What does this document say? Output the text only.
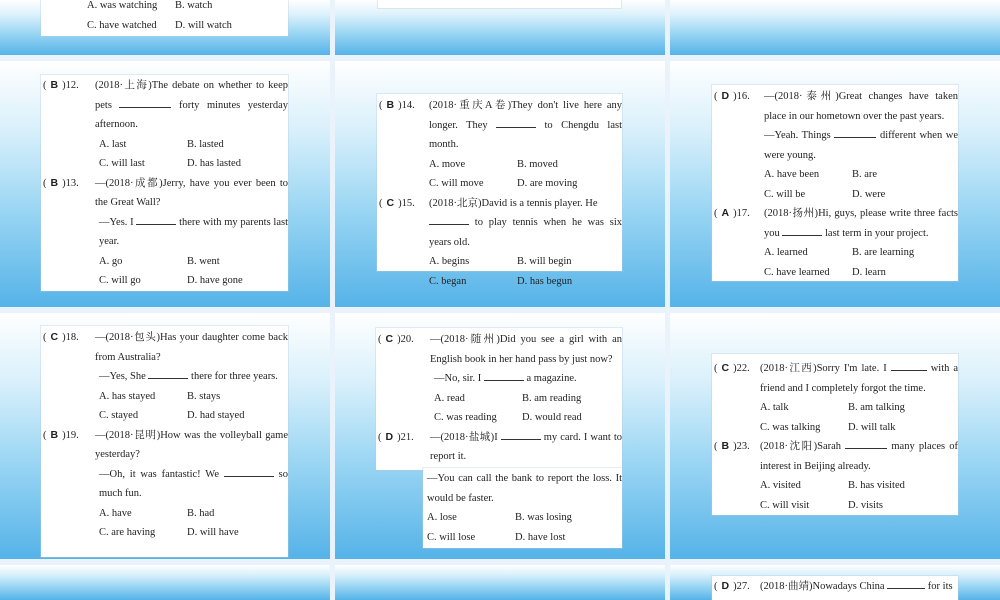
A. was watching	B. watch
C. have watched	D. will watch
( B )12. (2018·上海)The debate on whether to keep pets	forty minutes yesterday afternoon.
A. last	B. lasted
C. will last	D. has lasted
( B )13. —(2018·成都)Jerry, have you ever been to the Great Wall?
—Yes. I	there with my parents last year.
A. go	B. went
C. will go	D. have gone
( B )14. (2018·重庆A卷)They don't live here any longer. They	to Chengdu last month.
A. move	B. moved
C. will move	D. are moving
( C )15. (2018·北京)David is a tennis player. He
to play tennis when he was six years old.
A. begins	B. will begin
C. began	D. has begun
( D )16. —(2018·泰州)Great changes have taken place in our hometown over the past years.
—Yeah. Things	different when we were young.
A. have been	B. are
C. will be	D. were
( A )17. (2018·扬州)Hi, guys, please write three facts you	last term in your project.
A. learned	B. are learning
C. have learned	D. learn
( C )18. —(2018·包头)Has your daughter come back from Australia?
—Yes, She	there for three years.
A. has stayed	B. stays
C. stayed	D. had stayed
( B )19. —(2018·昆明)How was the volleyball game yesterday?
—Oh, it was fantastic! We	so much fun.
A. have	B. had
C. are having	D. will have
( C )20. —(2018·随州)Did you see a girl with an English book in her hand pass by just now?
—No, sir. I	a magazine.
A. read	B. am reading
C. was reading	D. would read
( D )21. —(2018·盐城)I	my card. I want to report it.
—You can call the bank to report the loss. It would be faster.
A. lose	B. was losing
C. will lose	D. have lost
( C )22. (2018·江西)Sorry I'm late. I	with a friend and I completely forgot the time.
A. talk	B. am talking
C. was talking	D. will talk
( B )23. (2018·沈阳)Sarah	many places of interest in Beijing already.
A. visited	B. has visited
C. will visit	D. visits
( D )27. (2018·曲靖)Nowadays China	for its
